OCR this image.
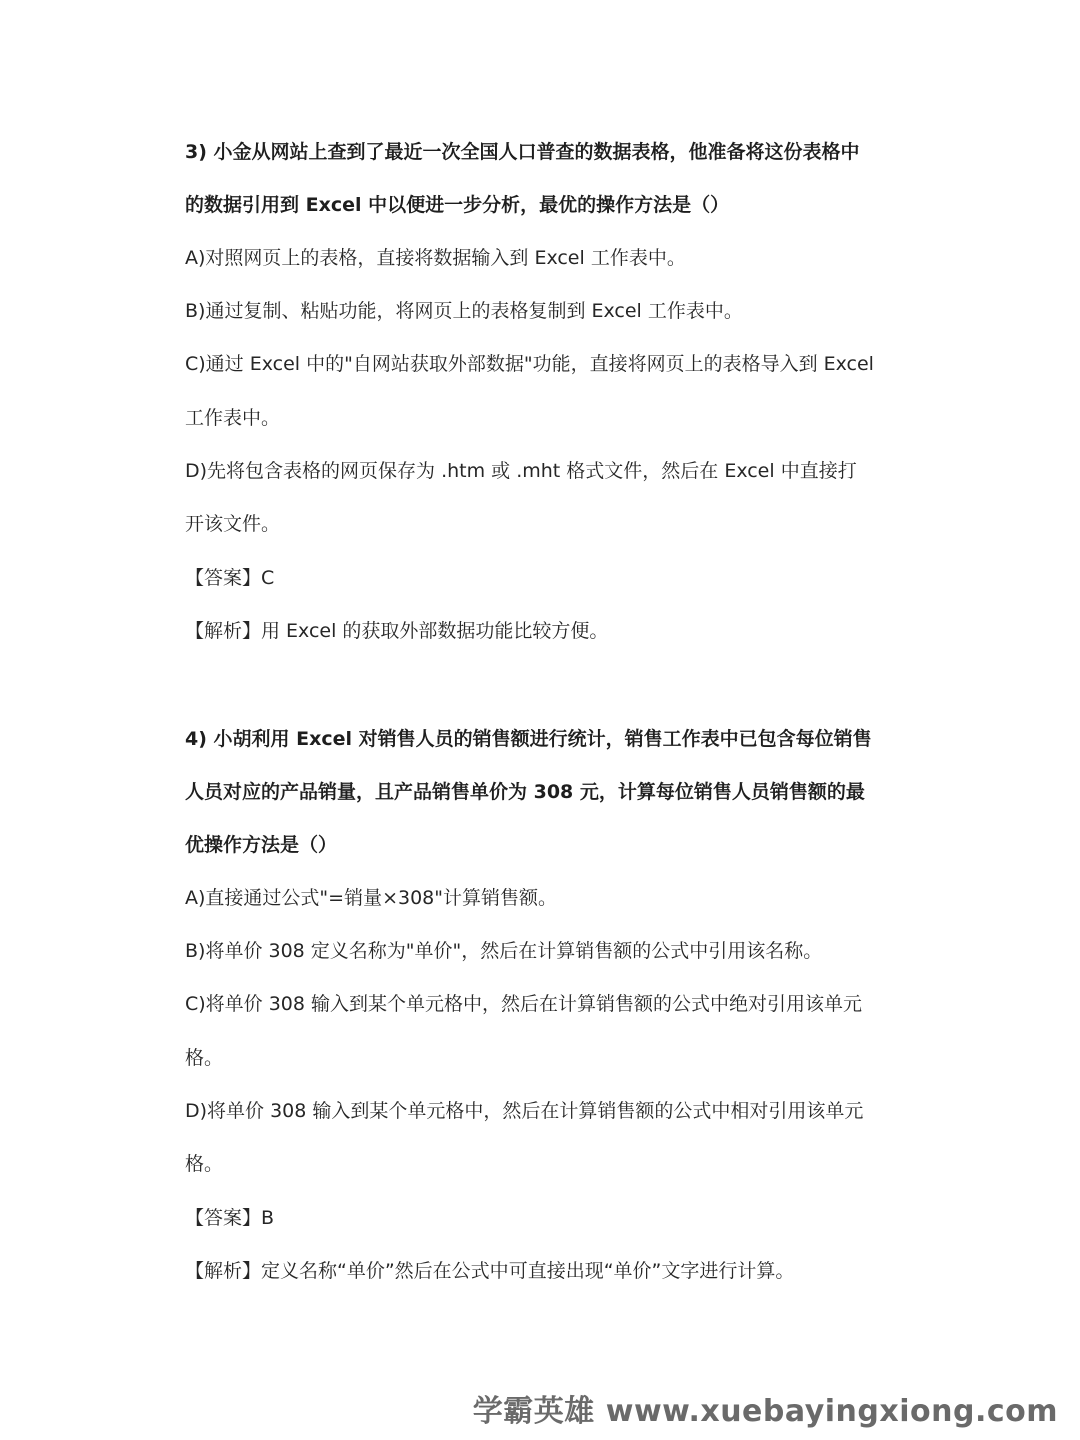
3) 小金从网站上查到了最近一次全国人口普查的数据表格，他准备将这份表格中

的数据引用到 Excel 中以便进一步分析，最优的操作方法是（）

A)对照网页上的表格，直接将数据输入到 Excel 工作表中。

B)通过复制、粘贴功能，将网页上的表格复制到 Excel 工作表中。

C)通过 Excel 中的"自网站获取外部数据"功能，直接将网页上的表格导入到 Excel

工作表中。

D)先将包含表格的网页保存为 .htm 或 .mht 格式文件，然后在 Excel 中直接打

开该文件。

【答案】C

【解析】用 Excel 的获取外部数据功能比较方便。

4) 小胡利用 Excel 对销售人员的销售额进行统计，销售工作表中已包含每位销售

人员对应的产品销量，且产品销售单价为 308 元，计算每位销售人员销售额的最

优操作方法是（）

A)直接通过公式"=销量×308"计算销售额。

B)将单价 308 定义名称为"单价"，然后在计算销售额的公式中引用该名称。

C)将单价 308 输入到某个单元格中，然后在计算销售额的公式中绝对引用该单元

格。

D)将单价 308 输入到某个单元格中，然后在计算销售额的公式中相对引用该单元

格。

【答案】B

【解析】定义名称“单价”然后在公式中可直接出现“单价”文字进行计算。

学霸英雄 www.xuebayingxiong.com
